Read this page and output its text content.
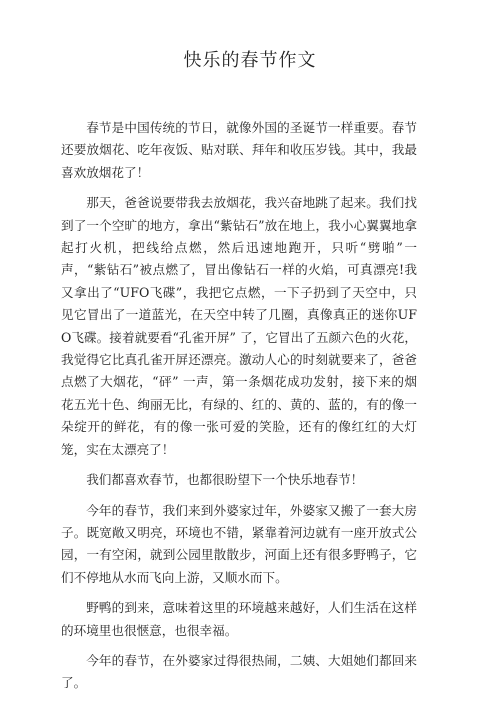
快乐的春节作文

春节是中国传统的节日，就像外国的圣诞节一样重要。春节还要放烟花、吃年夜饭、贴对联、拜年和收压岁钱。其中，我最喜欢放烟花了！

那天，爸爸说要带我去放烟花，我兴奋地跳了起来。我们找到了一个空旷的地方，拿出“紫钻石”放在地上，我小心翼翼地拿起打火机，把线给点燃，然后迅速地跑开，只听“劈啪”一声，“紫钻石”被点燃了，冒出像钻石一样的火焰，可真漂亮!我又拿出了“UFO飞碟”，我把它点燃，一下子扔到了天空中，只见它冒出了一道蓝光，在天空中转了几圈，真像真正的迷你UFO飞碟。接着就要看“孔雀开屏” 了，它冒出了五颜六色的火花，我觉得它比真孔雀开屏还漂亮。激动人心的时刻就要来了，爸爸点燃了大烟花，“砰” 一声，第一条烟花成功发射，接下来的烟花五光十色、绚丽无比，有绿的、红的、黄的、蓝的，有的像一朵绽开的鲜花，有的像一张可爱的笑脸，还有的像红红的大灯笼，实在太漂亮了！

我们都喜欢春节，也都很盼望下一个快乐地春节！

今年的春节，我们来到外婆家过年，外婆家又搬了一套大房子。既宽敞又明亮，环境也不错，紧靠着河边就有一座开放式公园，一有空闲，就到公园里散散步，河面上还有很多野鸭子，它们不停地从水而飞向上游，又顺水而下。

野鸭的到来，意味着这里的环境越来越好，人们生活在这样的环境里也很惬意，也很幸福。

今年的春节，在外婆家过得很热闹，二姨、大姐她们都回来了。
